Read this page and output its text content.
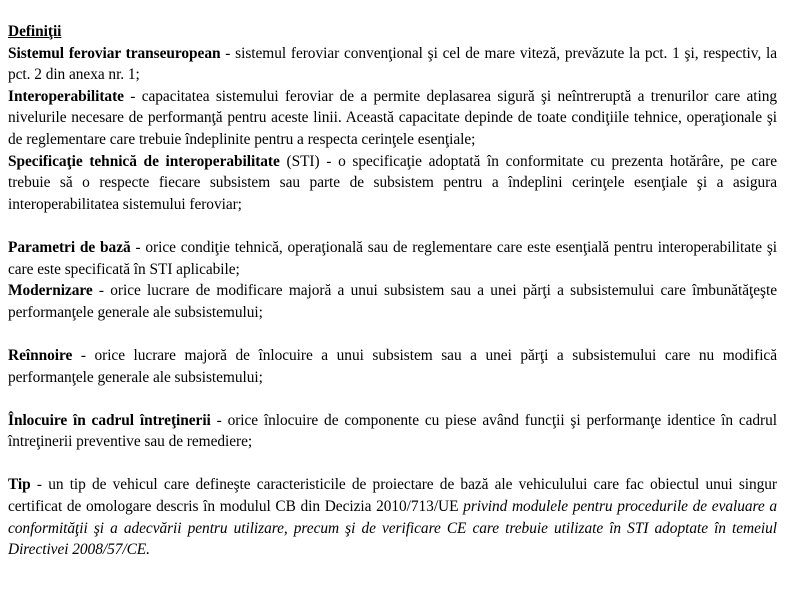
Definiţii
Sistemul feroviar transeuropean - sistemul feroviar convenţional şi cel de mare viteză, prevăzute la pct. 1 şi, respectiv, la pct. 2 din anexa nr. 1;
Interoperabilitate - capacitatea sistemului feroviar de a permite deplasarea sigură şi neîntreruptă a trenurilor care ating nivelurile necesare de performanţă pentru aceste linii. Această capacitate depinde de toate condiţiile tehnice, operaţionale şi de reglementare care trebuie îndeplinite pentru a respecta cerinţele esenţiale;
Specificaţie tehnică de interoperabilitate (STI) - o specificaţie adoptată în conformitate cu prezenta hotărâre, pe care trebuie să o respecte fiecare subsistem sau parte de subsistem pentru a îndeplini cerinţele esenţiale şi a asigura interoperabilitatea sistemului feroviar;
Parametri de bază - orice condiţie tehnică, operaţională sau de reglementare care este esenţială pentru interoperabilitate şi care este specificată în STI aplicabile;
Modernizare - orice lucrare de modificare majoră a unui subsistem sau a unei părţi a subsistemului care îmbunătăţeşte performanţele generale ale subsistemului;
Reînnoire - orice lucrare majoră de înlocuire a unui subsistem sau a unei părţi a subsistemului care nu modifică performanţele generale ale subsistemului;
Înlocuire în cadrul întreţinerii - orice înlocuire de componente cu piese având funcţii şi performanţe identice în cadrul întreţinerii preventive sau de remediere;
Tip - un tip de vehicul care defineşte caracteristicile de proiectare de bază ale vehiculului care fac obiectul unui singur certificat de omologare descris în modulul CB din Decizia 2010/713/UE privind modulele pentru procedurile de evaluare a conformităţii şi a adecvării pentru utilizare, precum şi de verificare CE care trebuie utilizate în STI adoptate în temeiul Directivei 2008/57/CE.
